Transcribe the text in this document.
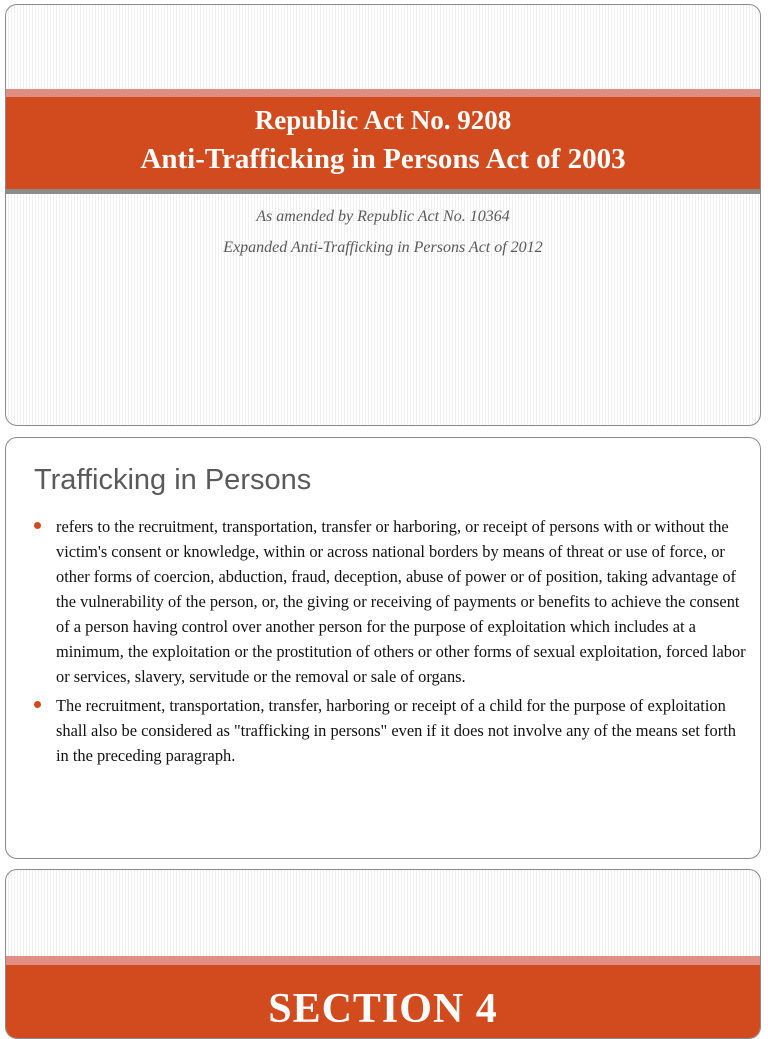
Republic Act No. 9208
Anti-Trafficking in Persons Act of 2003
As amended by Republic Act No. 10364
Expanded Anti-Trafficking in Persons Act of 2012
Trafficking in Persons
refers to the recruitment, transportation, transfer or harboring, or receipt of persons with or without the victim's consent or knowledge, within or across national borders by means of threat or use of force, or other forms of coercion, abduction, fraud, deception, abuse of power or of position, taking advantage of the vulnerability of the person, or, the giving or receiving of payments or benefits to achieve the consent of a person having control over another person for the purpose of exploitation which includes at a minimum, the exploitation or the prostitution of others or other forms of sexual exploitation, forced labor or services, slavery, servitude or the removal or sale of organs.
The recruitment, transportation, transfer, harboring or receipt of a child for the purpose of exploitation shall also be considered as "trafficking in persons" even if it does not involve any of the means set forth in the preceding paragraph.
SECTION 4
